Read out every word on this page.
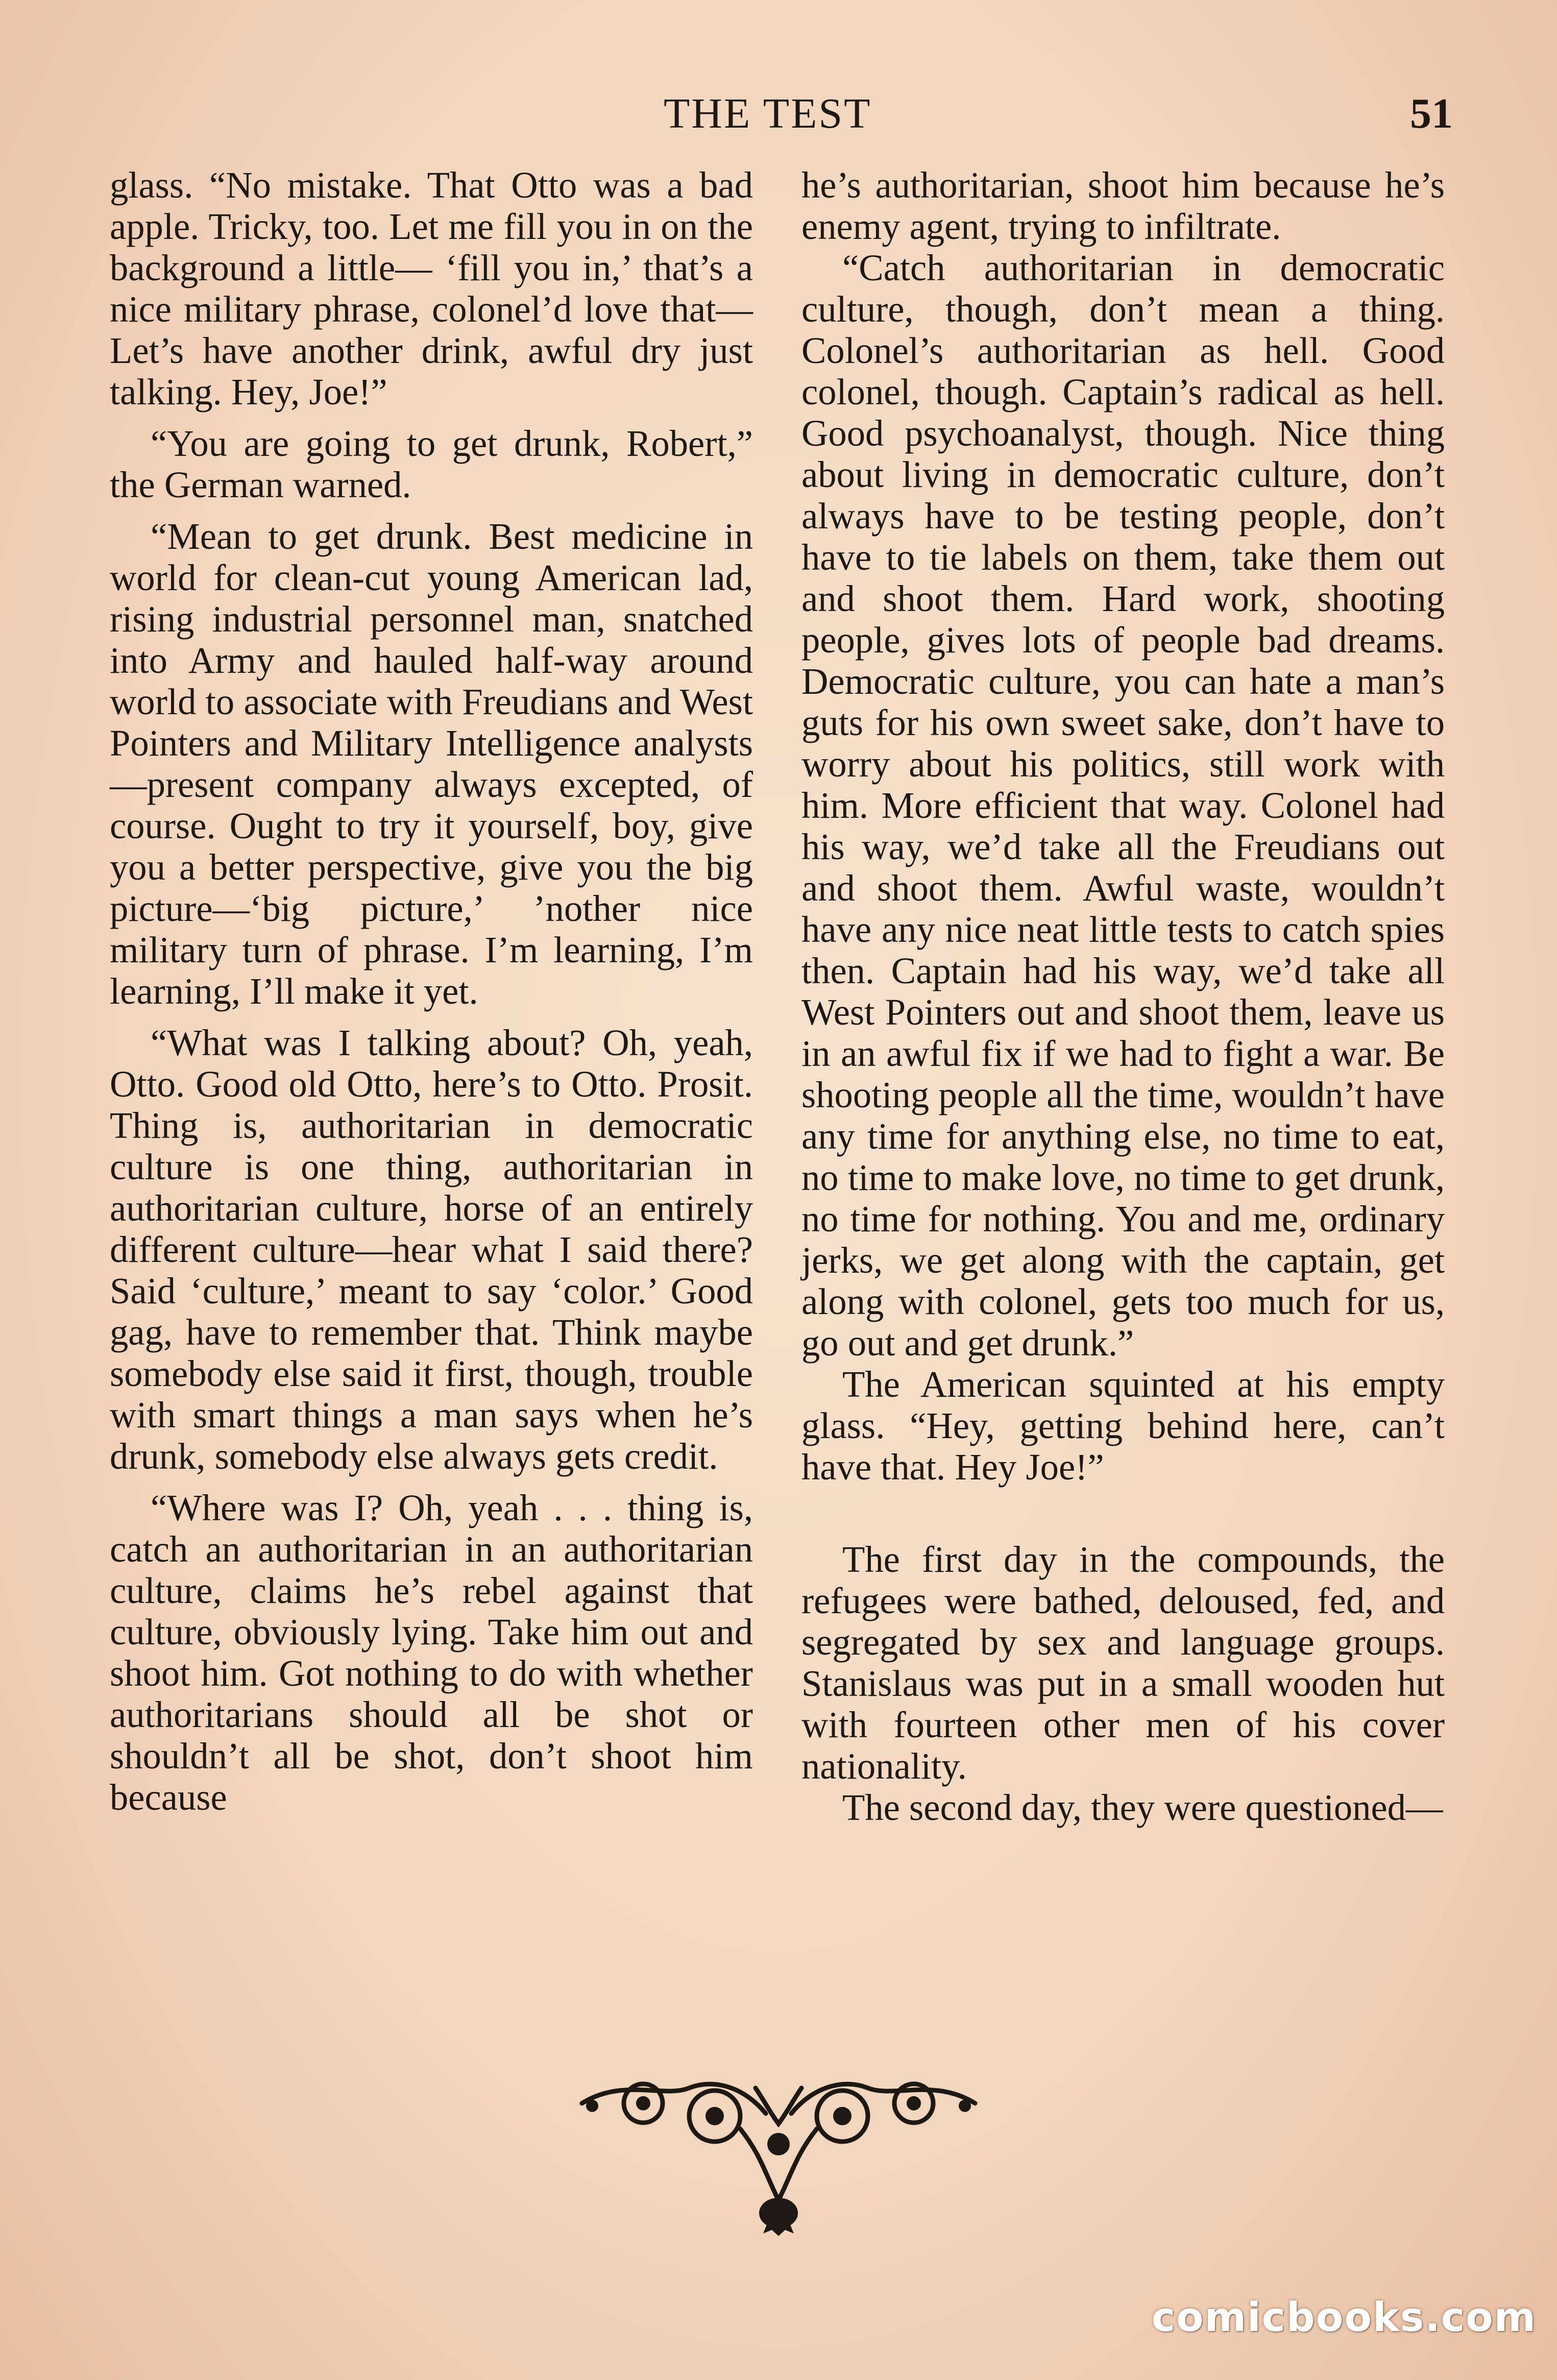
THE TEST	51

glass. “No mistake. That Otto was a bad apple. Tricky, too. Let me fill you in on the background a little— ‘fill you in,’ that’s a nice military phrase, colonel’d love that—Let’s have another drink, awful dry just talking. Hey, Joe!”

“You are going to get drunk, Robert,” the German warned.

“Mean to get drunk. Best medicine in world for clean-cut young American lad, rising industrial personnel man, snatched into Army and hauled half-way around world to associate with Freudians and West Pointers and Military Intelligence analysts—present company always excepted, of course. Ought to try it yourself, boy, give you a better perspective, give you the big picture—‘big picture,’ ’nother nice military turn of phrase. I’m learning, I’m learning, I’ll make it yet.

“What was I talking about? Oh, yeah, Otto. Good old Otto, here’s to Otto. Prosit. Thing is, authoritarian in democratic culture is one thing, authoritarian in authoritarian culture, horse of an entirely different culture—hear what I said there? Said ‘culture,’ meant to say ‘color.’ Good gag, have to remember that. Think maybe somebody else said it first, though, trouble with smart things a man says when he’s drunk, somebody else always gets credit.

“Where was I? Oh, yeah . . . thing is, catch an authoritarian in an authoritarian culture, claims he’s rebel against that culture, obviously lying. Take him out and shoot him. Got nothing to do with whether authoritarians should all be shot or shouldn’t all be shot, don’t shoot him because

he’s authoritarian, shoot him because he’s enemy agent, trying to infiltrate.

“Catch authoritarian in democratic culture, though, don’t mean a thing. Colonel’s authoritarian as hell. Good colonel, though. Captain’s radical as hell. Good psychoanalyst, though. Nice thing about living in democratic culture, don’t always have to be testing people, don’t have to tie labels on them, take them out and shoot them. Hard work, shooting people, gives lots of people bad dreams. Democratic culture, you can hate a man’s guts for his own sweet sake, don’t have to worry about his politics, still work with him. More efficient that way. Colonel had his way, we’d take all the Freudians out and shoot them. Awful waste, wouldn’t have any nice neat little tests to catch spies then. Captain had his way, we’d take all West Pointers out and shoot them, leave us in an awful fix if we had to fight a war. Be shooting people all the time, wouldn’t have any time for anything else, no time to eat, no time to make love, no time to get drunk, no time for nothing. You and me, ordinary jerks, we get along with the captain, get along with colonel, gets too much for us, go out and get drunk.”

The American squinted at his empty glass. “Hey, getting behind here, can’t have that. Hey Joe!”

The first day in the compounds, the refugees were bathed, deloused, fed, and segregated by sex and language groups. Stanislaus was put in a small wooden hut with fourteen other men of his cover nationality.

The second day, they were questioned—

comicbooks.com
